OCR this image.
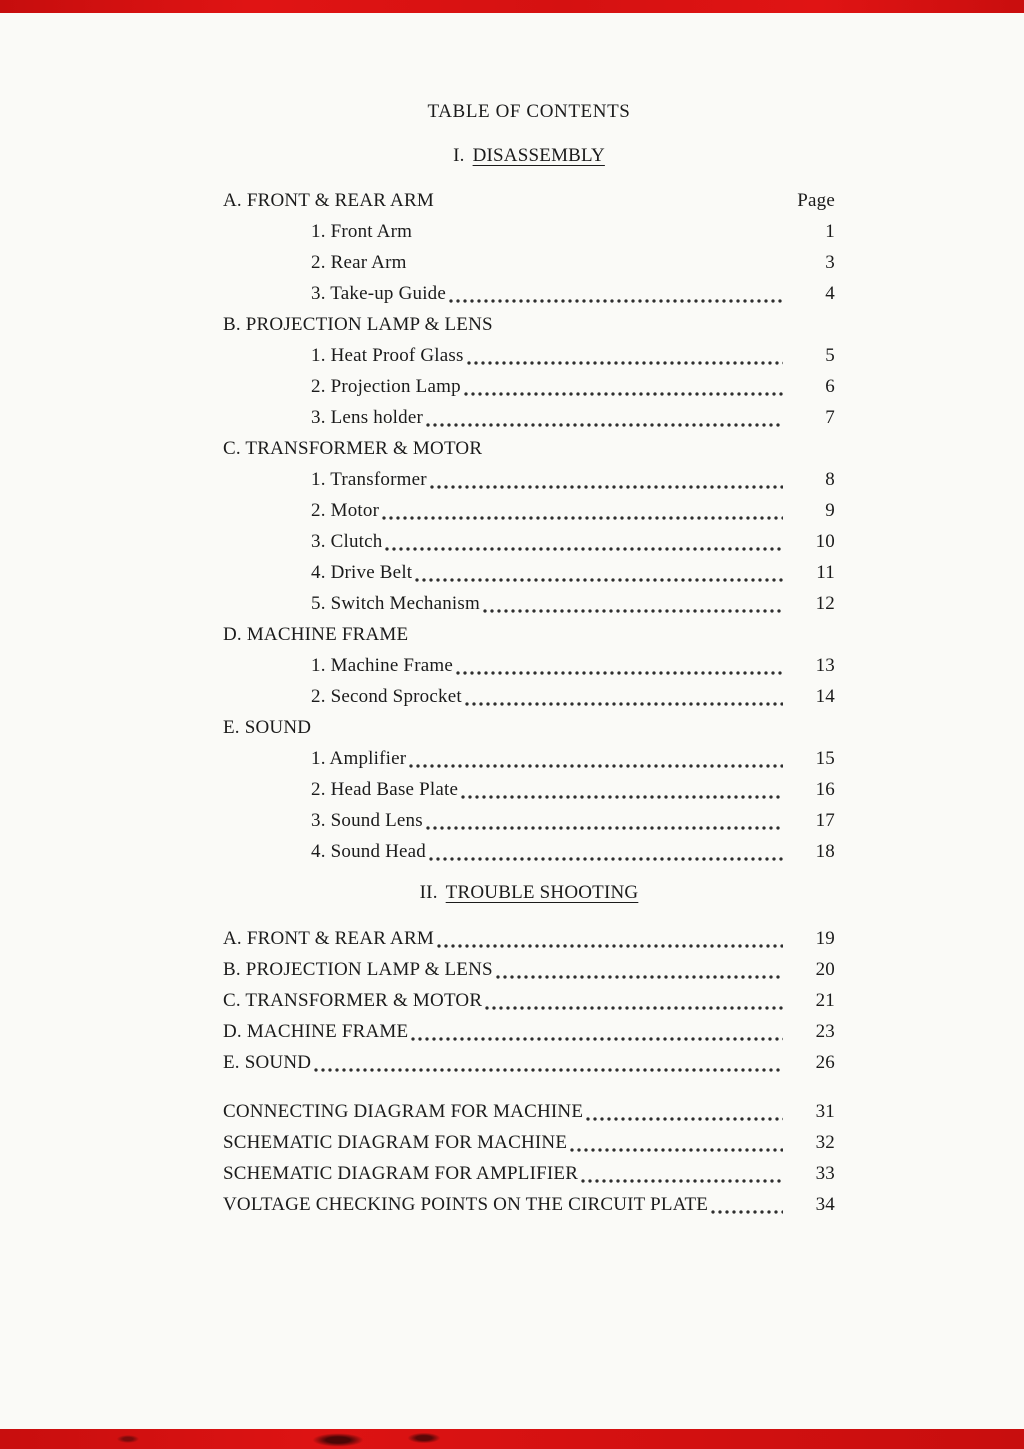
TABLE OF CONTENTS
I. DISASSEMBLY
A. FRONT & REAR ARM	Page
1. Front Arm	1
2. Rear Arm	3
3. Take-up Guide	4
B. PROJECTION LAMP & LENS
1. Heat Proof Glass	5
2. Projection Lamp	6
3. Lens holder	7
C. TRANSFORMER & MOTOR
1. Transformer	8
2. Motor	9
3. Clutch	10
4. Drive Belt	11
5. Switch Mechanism	12
D. MACHINE FRAME
1. Machine Frame	13
2. Second Sprocket	14
E. SOUND
1. Amplifier	15
2. Head Base Plate	16
3. Sound Lens	17
4. Sound Head	18
II. TROUBLE SHOOTING
A. FRONT & REAR ARM	19
B. PROJECTION LAMP & LENS	20
C. TRANSFORMER & MOTOR	21
D. MACHINE FRAME	23
E. SOUND	26
CONNECTING DIAGRAM FOR MACHINE	31
SCHEMATIC DIAGRAM FOR MACHINE	32
SCHEMATIC DIAGRAM FOR AMPLIFIER	33
VOLTAGE CHECKING POINTS ON THE CIRCUIT PLATE	34
